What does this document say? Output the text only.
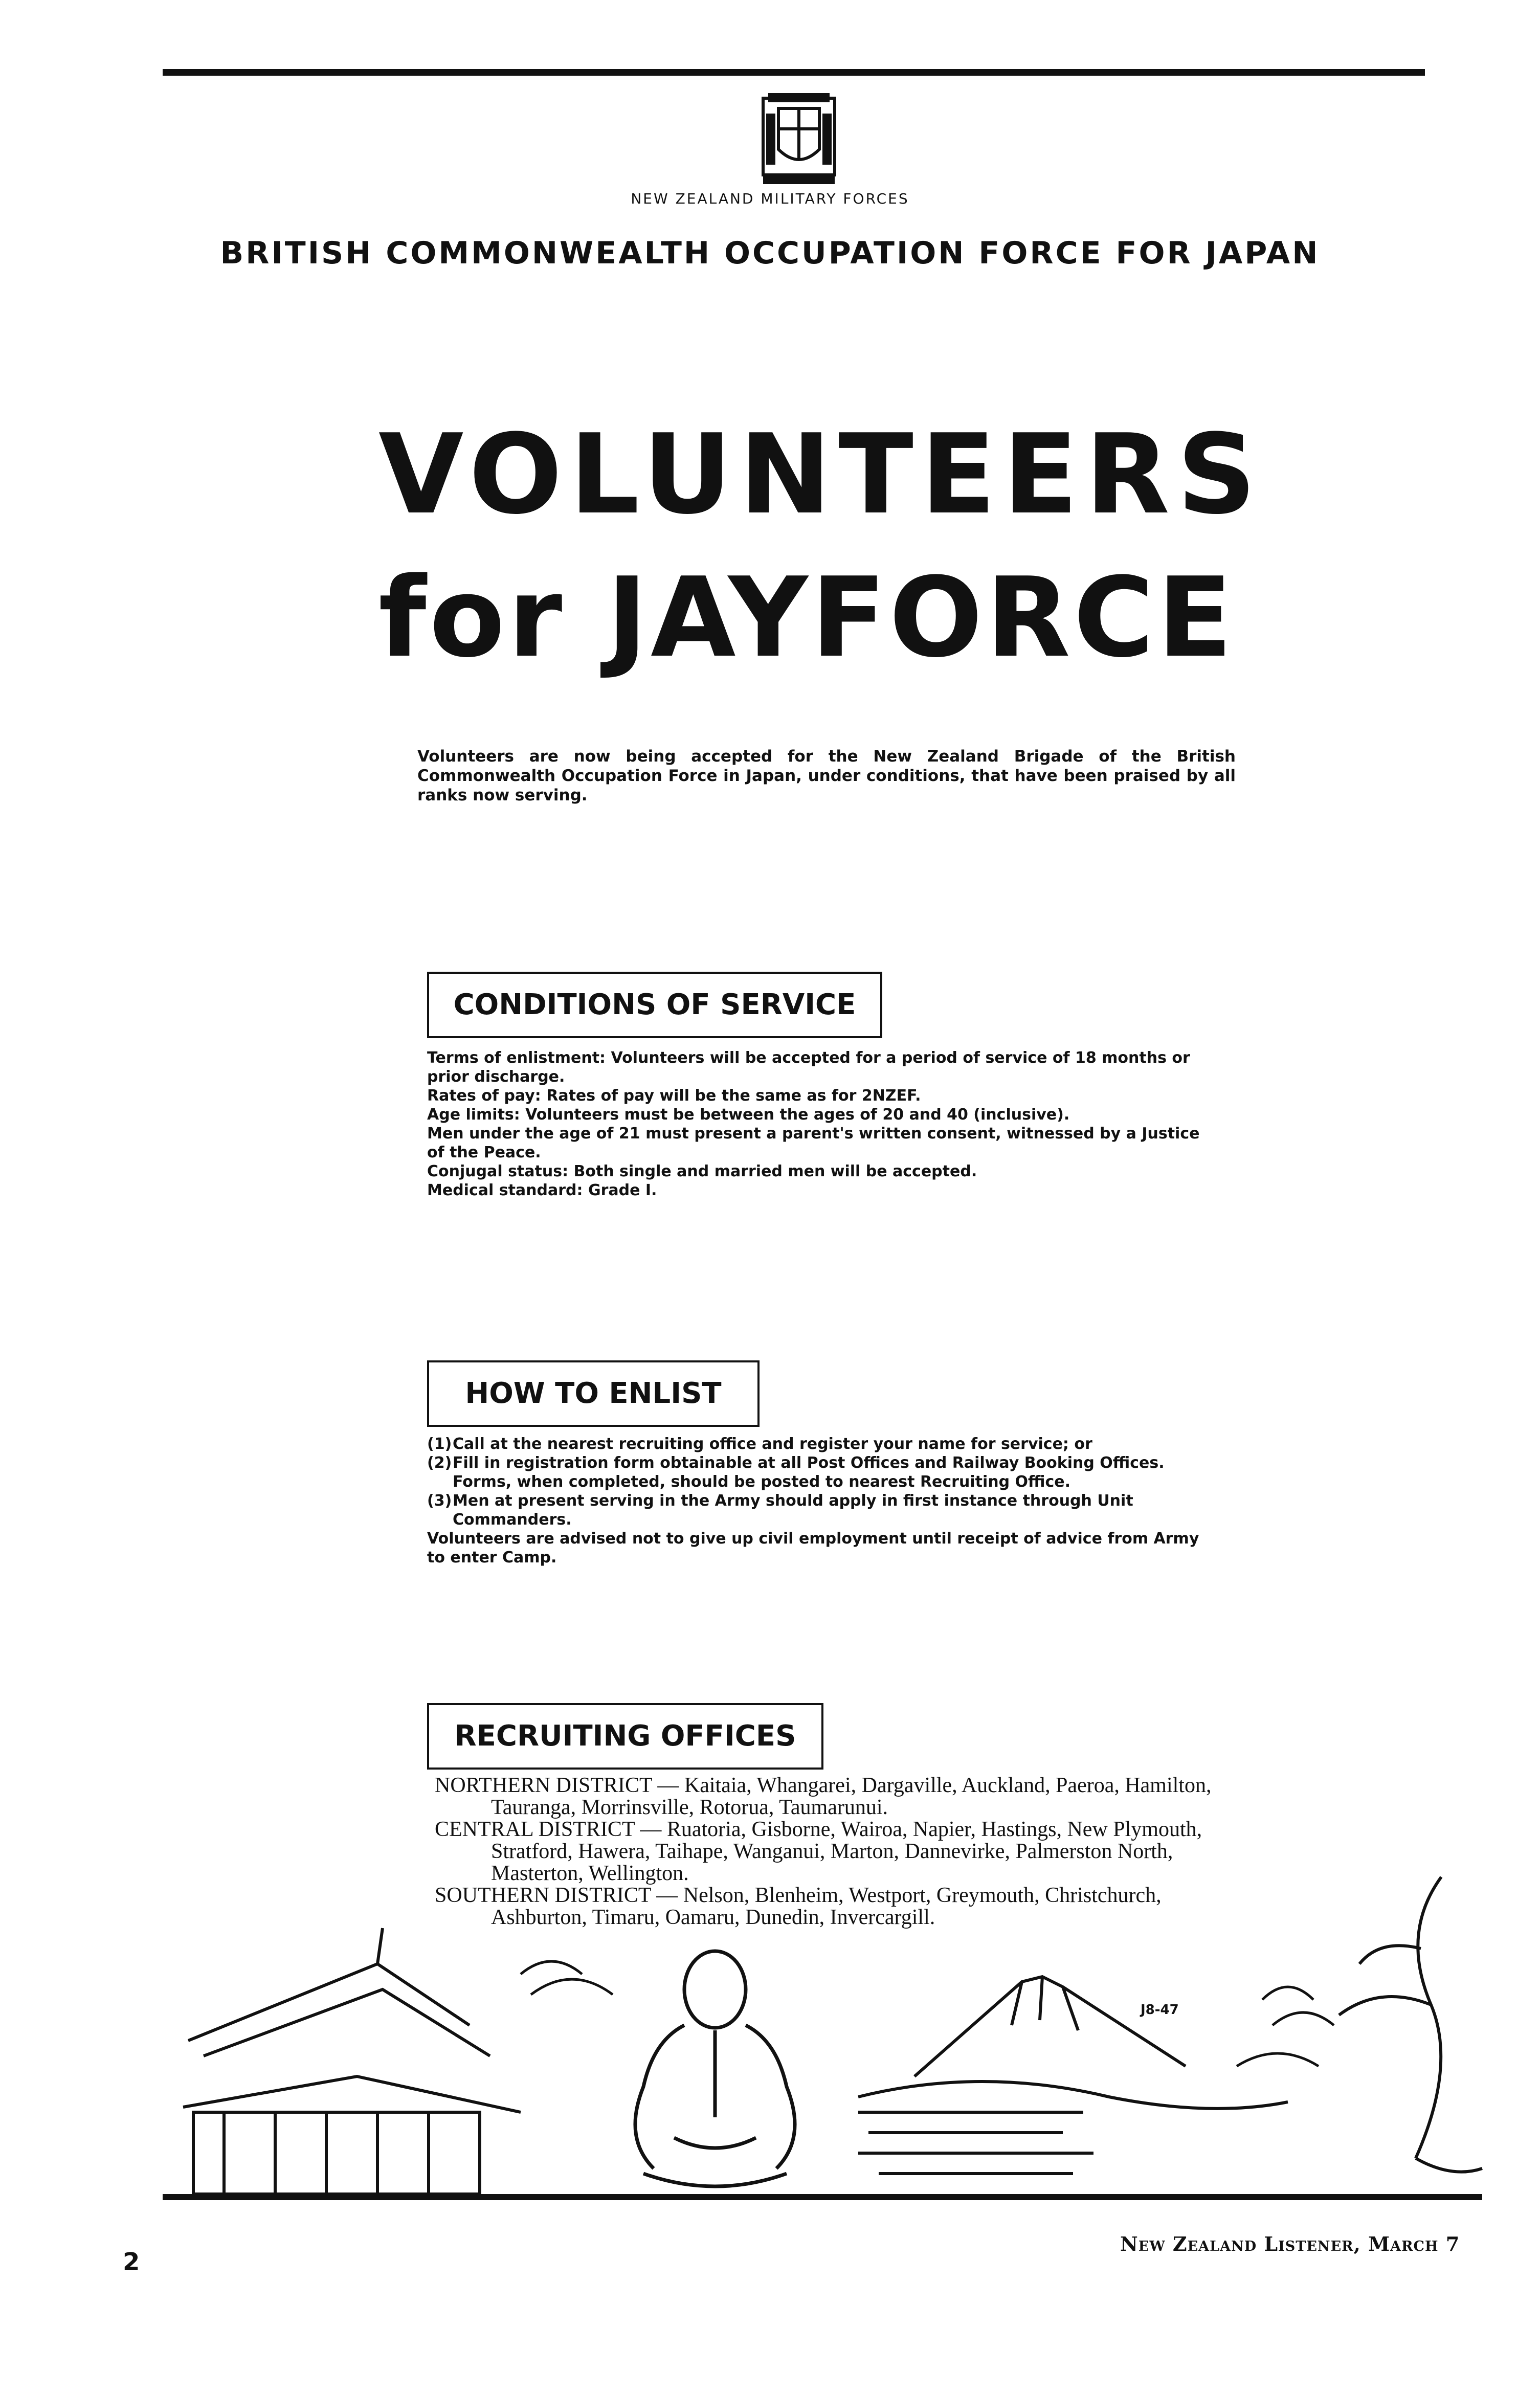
NEW ZEALAND MILITARY FORCES
BRITISH COMMONWEALTH OCCUPATION FORCE FOR JAPAN
VOLUNTEERS
for JAYFORCE
Volunteers are now being accepted for the New Zealand Brigade of the British Commonwealth Occupation Force in Japan, under conditions, that have been praised by all ranks now serving.
CONDITIONS OF SERVICE

Terms of enlistment: Volunteers will be accepted for a period of service of 18 months or prior discharge.

Rates of pay: Rates of pay will be the same as for 2NZEF.

Age limits: Volunteers must be between the ages of 20 and 40 (inclusive).

Men under the age of 21 must present a parent's written consent, witnessed by a Justice of the Peace.

Conjugal status: Both single and married men will be accepted.

Medical standard: Grade I.

HOW TO ENLIST
(1) Call at the nearest recruiting office and register your name for service; or
(2) Fill in registration form obtainable at all Post Offices and Railway Booking Offices. Forms, when completed, should be posted to nearest Recruiting Office.
(3) Men at present serving in the Army should apply in first instance through Unit Commanders.

Volunteers are advised not to give up civil employment until receipt of advice from Army to enter Camp.

RECRUITING OFFICES

NORTHERN DISTRICT — Kaitaia, Whangarei, Dargaville, Auckland, Paeroa, Hamilton, Tauranga, Morrinsville, Rotorua, Taumarunui.

CENTRAL DISTRICT — Ruatoria, Gisborne, Wairoa, Napier, Hastings, New Plymouth, Stratford, Hawera, Taihape, Wanganui, Marton, Dannevirke, Palmerston North, Masterton, Wellington.

SOUTHERN DISTRICT — Nelson, Blenheim, Westport, Greymouth, Christchurch, Ashburton, Timaru, Oamaru, Dunedin, Invercargill.

J8-47
2
New Zealand Listener, March 7
